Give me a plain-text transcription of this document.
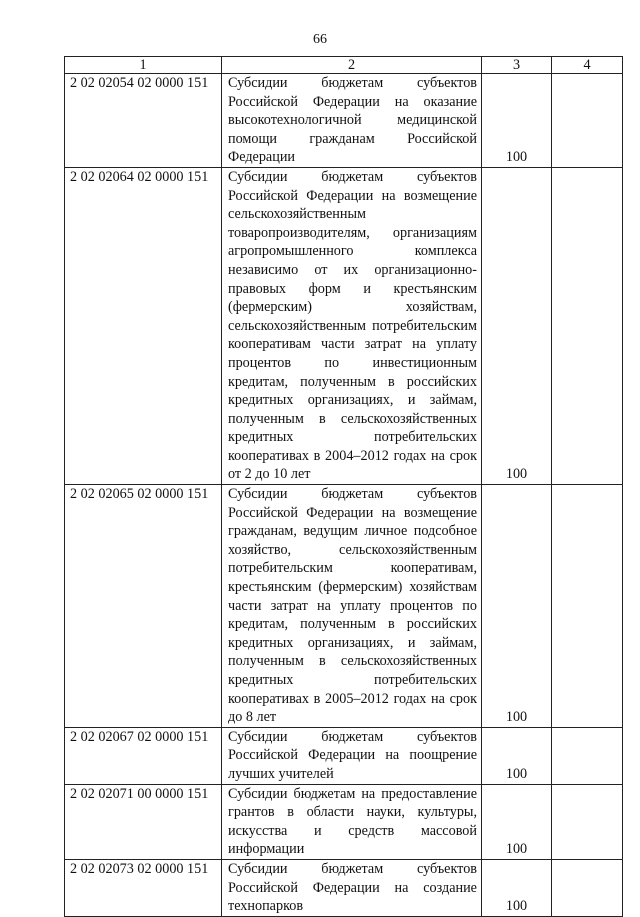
66
1	2	3	4
2 02 02054 02 0000 151	Субсидии бюджетам субъектов Российской Федерации на оказание высокотехнологичной медицинской помощи гражданам Российской Федерации	100	
2 02 02064 02 0000 151	Субсидии бюджетам субъектов Российской Федерации на возмещение сельскохозяйственным товаропроизводителям, организациям агропромышленного комплекса независимо от их организационно-правовых форм и крестьянским (фермерским) хозяйствам, сельскохозяйственным потребительским кооперативам части затрат на уплату процентов по инвестиционным кредитам, полученным в российских кредитных организациях, и займам, полученным в сельскохозяйственных кредитных потребительских кооперативах в 2004–2012 годах на срок от 2 до 10 лет	100	
2 02 02065 02 0000 151	Субсидии бюджетам субъектов Российской Федерации на возмещение гражданам, ведущим личное подсобное хозяйство, сельскохозяйственным потребительским кооперативам, крестьянским (фермерским) хозяйствам части затрат на уплату процентов по кредитам, полученным в российских кредитных организациях, и займам, полученным в сельскохозяйственных кредитных потребительских кооперативах в 2005–2012 годах на срок до 8 лет	100	
2 02 02067 02 0000 151	Субсидии бюджетам субъектов Российской Федерации на поощрение лучших учителей	100	
2 02 02071 00 0000 151	Субсидии бюджетам на предоставление грантов в области науки, культуры, искусства и средств массовой информации	100	
2 02 02073 02 0000 151	Субсидии бюджетам субъектов Российской Федерации на создание технопарков	100	
